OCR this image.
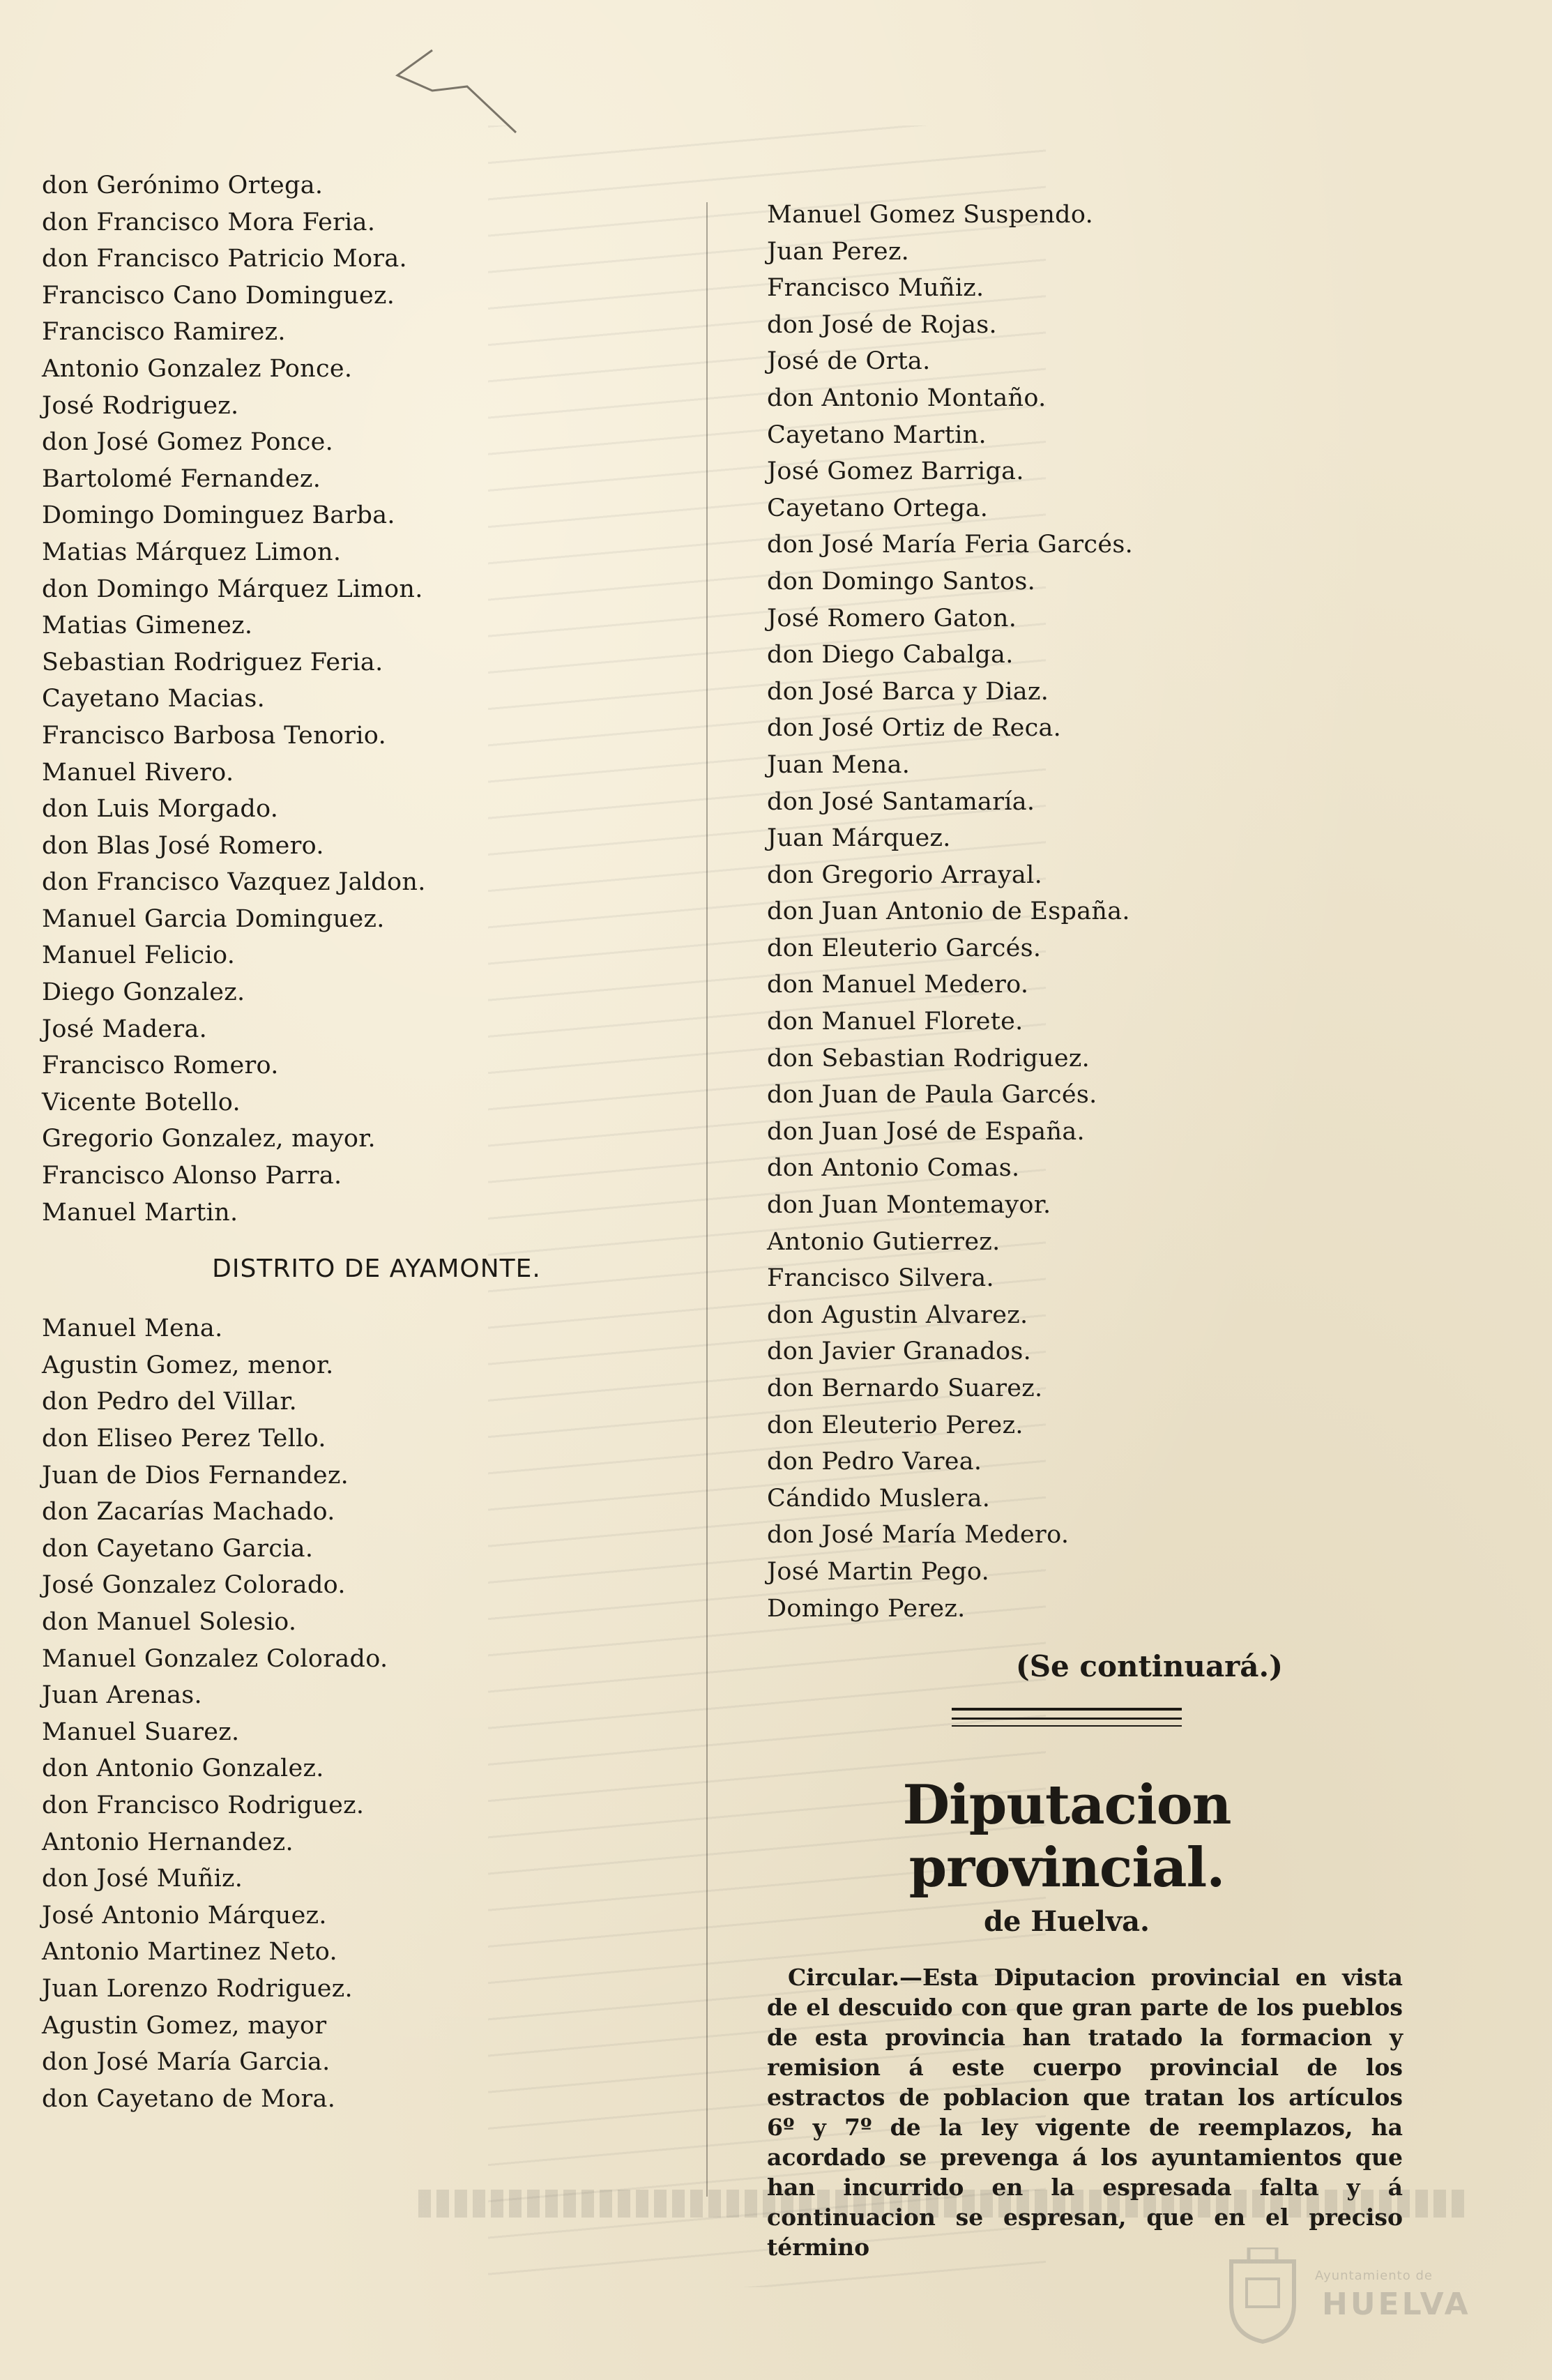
don Gerónimo Ortega.
don Francisco Mora Feria.
don Francisco Patricio Mora.
Francisco Cano Dominguez.
Francisco Ramirez.
Antonio Gonzalez Ponce.
José Rodriguez.
don José Gomez Ponce.
Bartolomé Fernandez.
Domingo Dominguez Barba.
Matias Márquez Limon.
don Domingo Márquez Limon.
Matias Gimenez.
Sebastian Rodriguez Feria.
Cayetano Macias.
Francisco Barbosa Tenorio.
Manuel Rivero.
don Luis Morgado.
don Blas José Romero.
don Francisco Vazquez Jaldon.
Manuel Garcia Dominguez.
Manuel Felicio.
Diego Gonzalez.
José Madera.
Francisco Romero.
Vicente Botello.
Gregorio Gonzalez, mayor.
Francisco Alonso Parra.
Manuel Martin.
DISTRITO DE AYAMONTE.
Manuel Mena.
Agustin Gomez, menor.
don Pedro del Villar.
don Eliseo Perez Tello.
Juan de Dios Fernandez.
don Zacarías Machado.
don Cayetano Garcia.
José Gonzalez Colorado.
don Manuel Solesio.
Manuel Gonzalez Colorado.
Juan Arenas.
Manuel Suarez.
don Antonio Gonzalez.
don Francisco Rodriguez.
Antonio Hernandez.
don José Muñiz.
José Antonio Márquez.
Antonio Martinez Neto.
Juan Lorenzo Rodriguez.
Agustin Gomez, mayor
don José María Garcia.
don Cayetano de Mora.
Manuel Gomez Suspendo.
Juan Perez.
Francisco Muñiz.
don José de Rojas.
José de Orta.
don Antonio Montaño.
Cayetano Martin.
José Gomez Barriga.
Cayetano Ortega.
don José María Feria Garcés.
don Domingo Santos.
José Romero Gaton.
don Diego Cabalga.
don José Barca y Diaz.
don José Ortiz de Reca.
Juan Mena.
don José Santamaría.
Juan Márquez.
don Gregorio Arrayal.
don Juan Antonio de España.
don Eleuterio Garcés.
don Manuel Medero.
don Manuel Florete.
don Sebastian Rodriguez.
don Juan de Paula Garcés.
don Juan José de España.
don Antonio Comas.
don Juan Montemayor.
Antonio Gutierrez.
Francisco Silvera.
don Agustin Alvarez.
don Javier Granados.
don Bernardo Suarez.
don Eleuterio Perez.
don Pedro Varea.
Cándido Muslera.
don José María Medero.
José Martin Pego.
Domingo Perez.
(Se continuará.)
Diputacion provincial.
de Huelva.
Circular.—Esta Diputacion provincial en vista de el descuido con que gran parte de los pueblos de esta provincia han tratado la formacion y remision á este cuerpo provincial de los estractos de poblacion que tratan los artículos 6º y 7º de la ley vigente de reemplazos, ha acordado se prevenga á los ayuntamientos que han incurrido en la espresada falta y á continuacion se espresan, que en el preciso término
Ayuntamiento de
HUELVA
